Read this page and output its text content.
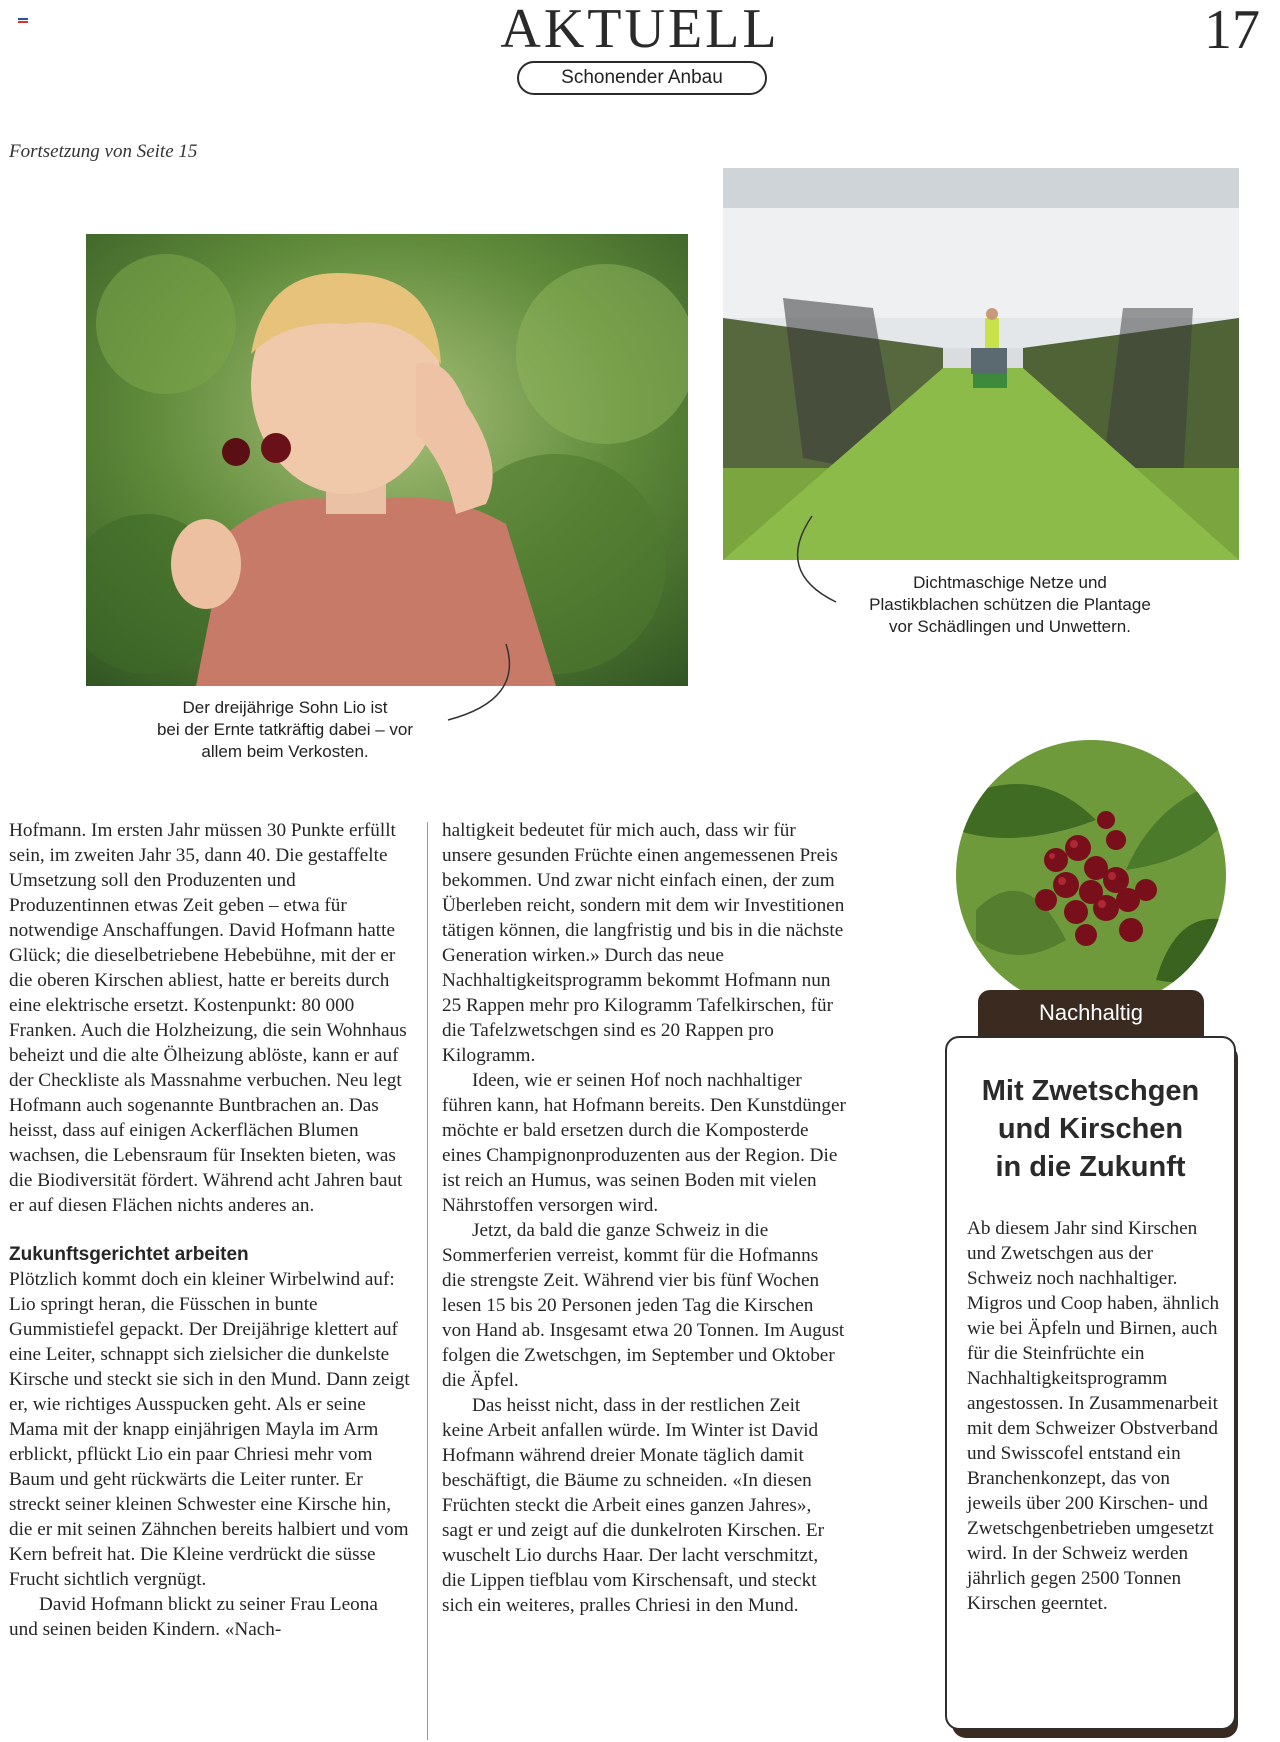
AKTUELL
Schonender Anbau
17
Fortsetzung von Seite 15
Der dreijährige Sohn Lio ist
bei der Ernte tatkräftig dabei – vor
allem beim Verkosten.
Dichtmaschige Netze und
Plastikblachen schützen die Plantage
vor Schädlingen und Unwettern.

Hofmann. Im ersten Jahr müssen 30 Punkte erfüllt sein, im zweiten Jahr 35, dann 40. Die gestaffelte Umsetzung soll den Produzenten und Produzentinnen etwas Zeit geben – etwa für notwendige Anschaffungen. David Hofmann hatte Glück; die dieselbetriebene Hebebühne, mit der er die oberen Kirschen abliest, hatte er bereits durch eine elektrische ersetzt. Kostenpunkt: 80 000 Franken. Auch die Holzheizung, die sein Wohnhaus beheizt und die alte Ölheizung ablöste, kann er auf der Checkliste als Massnahme verbuchen. Neu legt Hofmann auch sogenannte Buntbrachen an. Das heisst, dass auf einigen Ackerflächen Blumen wachsen, die Lebensraum für Insekten bieten, was die Biodiversität fördert. Während acht Jahren baut er auf diesen Flächen nichts anderes an.

Zukunftsgerichtet arbeiten

Plötzlich kommt doch ein kleiner Wirbelwind auf: Lio springt heran, die Füsschen in bunte Gummistiefel gepackt. Der Dreijährige klettert auf eine Leiter, schnappt sich zielsicher die dunkelste Kirsche und steckt sie sich in den Mund. Dann zeigt er, wie richtiges Ausspucken geht. Als er seine Mama mit der knapp einjährigen Mayla im Arm erblickt, pflückt Lio ein paar Chriesi mehr vom Baum und geht rückwärts die Leiter runter. Er streckt seiner kleinen Schwester eine Kirsche hin, die er mit seinen Zähnchen bereits halbiert und vom Kern befreit hat. Die Kleine verdrückt die süsse Frucht sichtlich vergnügt.

David Hofmann blickt zu seiner Frau Leona und seinen beiden Kindern. «Nach-

haltigkeit bedeutet für mich auch, dass wir für unsere gesunden Früchte einen angemessenen Preis bekommen. Und zwar nicht einfach einen, der zum Überleben reicht, sondern mit dem wir Investitionen tätigen können, die langfristig und bis in die nächste Generation wirken.» Durch das neue Nachhaltigkeitsprogramm bekommt Hofmann nun 25 Rappen mehr pro Kilogramm Tafelkirschen, für die Tafelzwetschgen sind es 20 Rappen pro Kilogramm.

Ideen, wie er seinen Hof noch nachhaltiger führen kann, hat Hofmann bereits. Den Kunstdünger möchte er bald ersetzen durch die Komposterde eines Champignonproduzenten aus der Region. Die ist reich an Humus, was seinen Boden mit vielen Nährstoffen versorgen wird.

Jetzt, da bald die ganze Schweiz in die Sommerferien verreist, kommt für die Hofmanns die strengste Zeit. Während vier bis fünf Wochen lesen 15 bis 20 Personen jeden Tag die Kirschen von Hand ab. Insgesamt etwa 20 Tonnen. Im August folgen die Zwetschgen, im September und Oktober die Äpfel.

Das heisst nicht, dass in der restlichen Zeit keine Arbeit anfallen würde. Im Winter ist David Hofmann während dreier Monate täglich damit beschäftigt, die Bäume zu schneiden. «In diesen Früchten steckt die Arbeit eines ganzen Jahres», sagt er und zeigt auf die dunkelroten Kirschen. Er wuschelt Lio durchs Haar. Der lacht verschmitzt, die Lippen tiefblau vom Kirschensaft, und steckt sich ein weiteres, pralles Chriesi in den Mund.

Nachhaltig
Mit Zwetschgen
und Kirschen
in die Zukunft
Ab diesem Jahr sind Kirschen und Zwetschgen aus der Schweiz noch nachhaltiger. Migros und Coop haben, ähnlich wie bei Äpfeln und Birnen, auch für die Steinfrüchte ein Nachhaltigkeitsprogramm angestossen. In Zusammenarbeit mit dem Schweizer Obstverband und Swisscofel entstand ein Branchenkonzept, das von jeweils über 200 Kirschen- und Zwetschgenbetrieben umgesetzt wird. In der Schweiz werden jährlich gegen 2500 Tonnen Kirschen geerntet.
